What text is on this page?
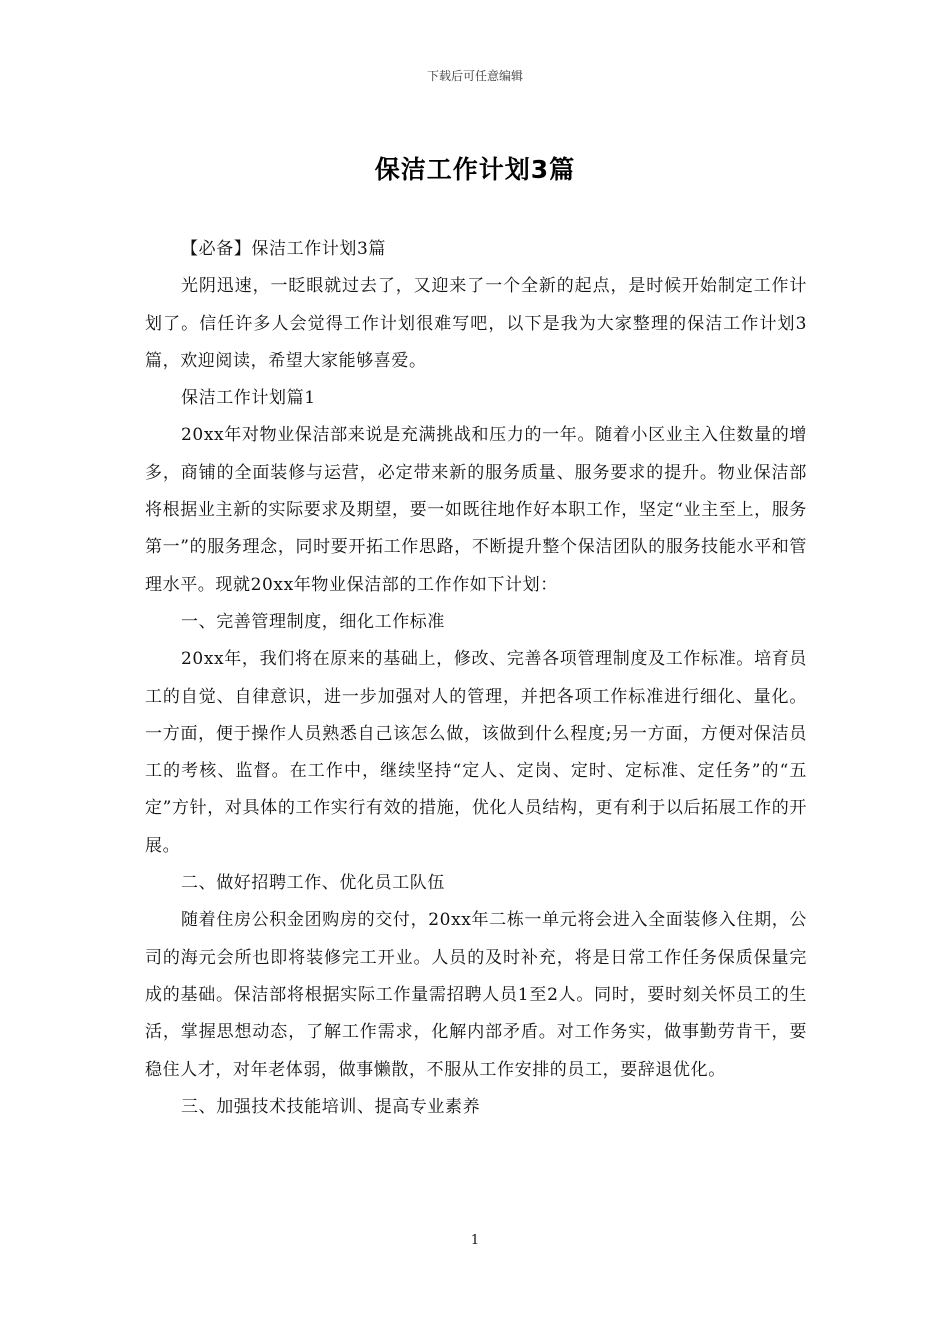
下载后可任意编辑
保洁工作计划3篇

【必备】保洁工作计划3篇

光阴迅速，一眨眼就过去了，又迎来了一个全新的起点，是时候开始制定工作计划了。信任许多人会觉得工作计划很难写吧，以下是我为大家整理的保洁工作计划3篇，欢迎阅读，希望大家能够喜爱。

保洁工作计划篇1

20xx年对物业保洁部来说是充满挑战和压力的一年。随着小区业主入住数量的增多，商铺的全面装修与运营，必定带来新的服务质量、服务要求的提升。物业保洁部将根据业主新的实际要求及期望，要一如既往地作好本职工作，坚定“业主至上，服务第一”的服务理念，同时要开拓工作思路，不断提升整个保洁团队的服务技能水平和管理水平。现就20xx年物业保洁部的工作作如下计划：

一、完善管理制度，细化工作标准

20xx年，我们将在原来的基础上，修改、完善各项管理制度及工作标准。培育员工的自觉、自律意识，进一步加强对人的管理，并把各项工作标准进行细化、量化。一方面，便于操作人员熟悉自己该怎么做，该做到什么程度;另一方面，方便对保洁员工的考核、监督。在工作中，继续坚持“定人、定岗、定时、定标准、定任务”的“五定”方针，对具体的工作实行有效的措施，优化人员结构，更有利于以后拓展工作的开展。

二、做好招聘工作、优化员工队伍

随着住房公积金团购房的交付，20xx年二栋一单元将会进入全面装修入住期，公司的海元会所也即将装修完工开业。人员的及时补充，将是日常工作任务保质保量完成的基础。保洁部将根据实际工作量需招聘人员1至2人。同时，要时刻关怀员工的生活，掌握思想动态，了解工作需求，化解内部矛盾。对工作务实，做事勤劳肯干，要稳住人才，对年老体弱，做事懒散，不服从工作安排的员工，要辞退优化。

三、加强技术技能培训、提高专业素养

1
